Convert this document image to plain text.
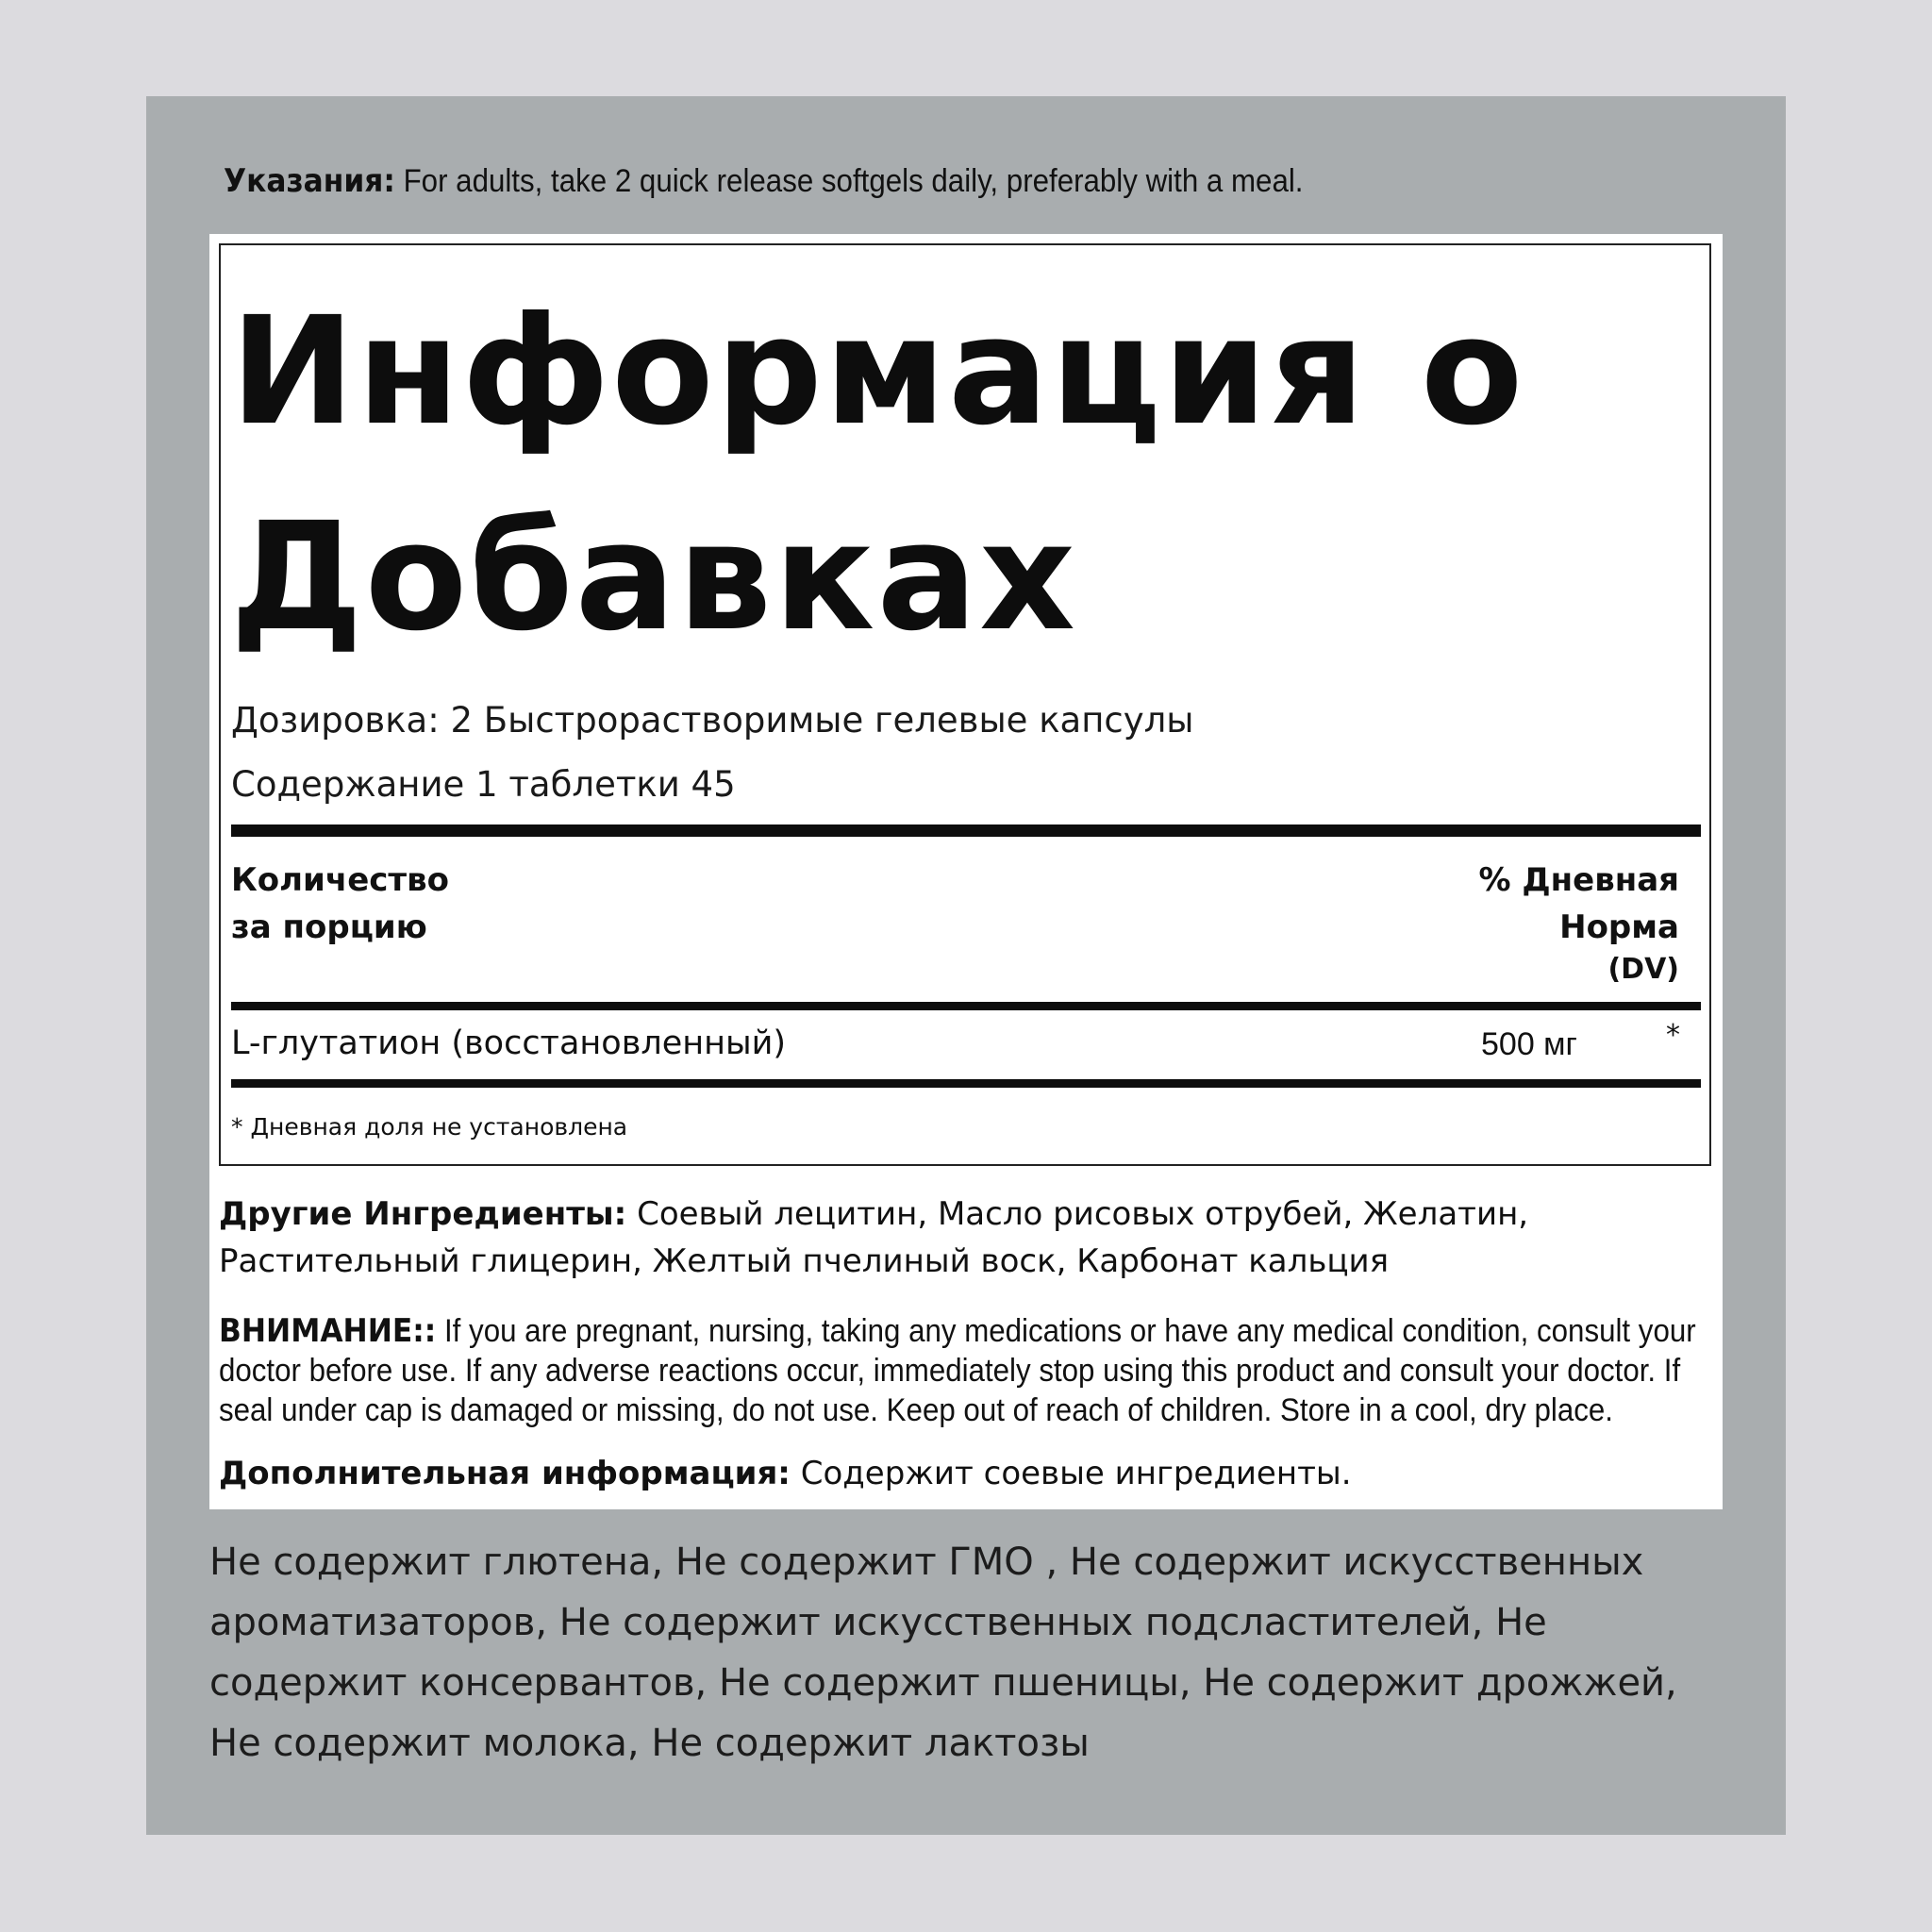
Указания: For adults, take 2 quick release softgels daily, preferably with a meal.
Информация о Добавках
Дозировка: 2 Быстрорастворимые гелевые капсулы
Содержание 1 таблетки 45
Количество
за порцию
% Дневная
Норма
(DV)
L-глутатион (восстановленный)	500 мг	*
* Дневная доля не установлена
Другие Ингредиенты: Соевый лецитин, Масло рисовых отрубей, Желатин, Растительный глицерин, Желтый пчелиный воск, Карбонат кальция
ВНИМАНИЕ:: If you are pregnant, nursing, taking any medications or have any medical condition, consult your doctor before use. If any adverse reactions occur, immediately stop using this product and consult your doctor. If seal under cap is damaged or missing, do not use. Keep out of reach of children. Store in a cool, dry place.
Дополнительная информация: Содержит соевые ингредиенты.
Не содержит глютена, Не содержит ГМО , Не содержит искусственных ароматизаторов, Не содержит искусственных подсластителей, Не содержит консервантов, Не содержит пшеницы, Не содержит дрожжей, Не содержит молока, Не содержит лактозы
